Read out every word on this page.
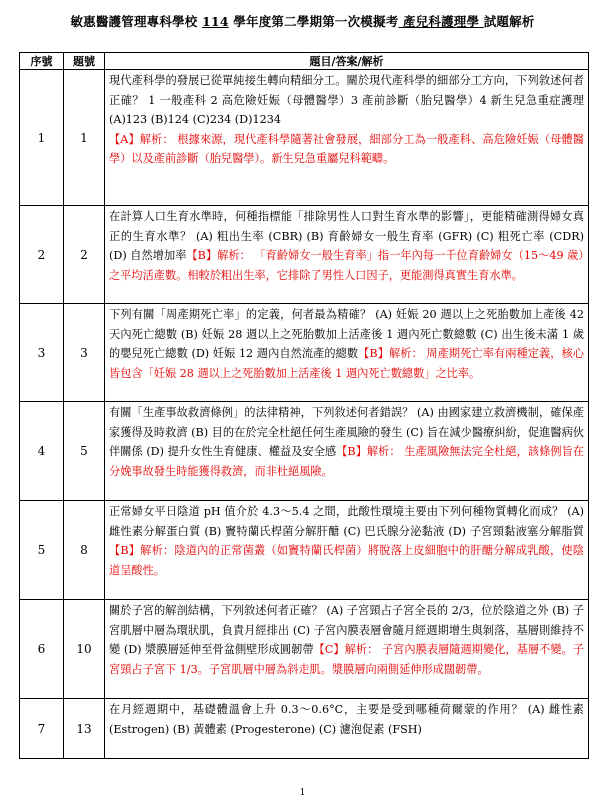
敏惠醫護管理專科學校 114 學年度第二學期第一次模擬考 產兒科護理學 試題解析
序號	題號	題目/答案/解析
1	1	現代產科學的發展已從單純接生轉向精細分工。關於現代產科學的細部分工方向，下列敘述何者正確？ 1 一般產科 2 高危險妊娠（母體醫學）3 產前診斷（胎兒醫學）4 新生兒急重症護理(A)123 (B)124 (C)234 (D)1234
【A】解析： 根據來源，現代產科學隨著社會發展，細部分工為一般產科、高危險妊娠（母體醫學）以及產前診斷（胎兒醫學）。新生兒急重屬兒科範疇。
2	2	在計算人口生育水準時，何種指標能「排除男性人口對生育水準的影響」，更能精確測得婦女真正的生育水準？ (A) 粗出生率 (CBR) (B) 育齡婦女一般生育率 (GFR) (C) 粗死亡率 (CDR) (D) 自然增加率【B】解析： 「育齡婦女一般生育率」指一年內每一千位育齡婦女（15～49 歲）之平均活產數。相較於粗出生率，它排除了男性人口因子，更能測得真實生育水準。
3	3	下列有關「周產期死亡率」的定義，何者最為精確？ (A) 妊娠 20 週以上之死胎數加上產後 42 天內死亡總數 (B) 妊娠 28 週以上之死胎數加上活產後 1 週內死亡數總數 (C) 出生後未滿 1 歲的嬰兒死亡總數 (D) 妊娠 12 週內自然流產的總數【B】解析： 周產期死亡率有兩種定義，核心皆包含「妊娠 28 週以上之死胎數加上活產後 1 週內死亡數總數」之比率。
4	5	有關「生產事故救濟條例」的法律精神，下列敘述何者錯誤？ (A) 由國家建立救濟機制，確保產家獲得及時救濟 (B) 目的在於完全杜絕任何生產風險的發生 (C) 旨在減少醫療糾紛，促進醫病伙伴關係 (D) 提升女性生育健康、權益及安全感【B】解析： 生產風險無法完全杜絕，該條例旨在分娩事故發生時能獲得救濟，而非杜絕風險。
5	8	正常婦女平日陰道 pH 值介於 4.3～5.4 之間，此酸性環境主要由下列何種物質轉化而成？ (A) 雌性素分解蛋白質 (B) 竇特蘭氏桿菌分解肝醣 (C) 巴氏腺分泌黏液 (D) 子宮頸黏液塞分解脂質【B】解析：陰道內的正常菌叢（如竇特蘭氏桿菌）將脫落上皮細胞中的肝醣分解成乳酸，使陰道呈酸性。
6	10	關於子宮的解剖結構，下列敘述何者正確？ (A) 子宮頸占子宮全長的 2/3，位於陰道之外 (B) 子宮肌層中層為環狀肌，負責月經排出 (C) 子宮內膜表層會隨月經週期增生與剝落，基層則維持不變 (D) 漿膜層延伸至骨盆側壁形成圓韌帶【C】解析： 子宮內膜表層隨週期變化，基層不變。子宮頸占子宮下 1/3。子宮肌層中層為斜走肌。漿膜層向兩側延伸形成闊韌帶。
7	13	在月經週期中，基礎體溫會上升 0.3～0.6°C，主要是受到哪種荷爾蒙的作用？ (A) 雌性素 (Estrogen) (B) 黃體素 (Progesterone) (C) 濾泡促素 (FSH)
1
